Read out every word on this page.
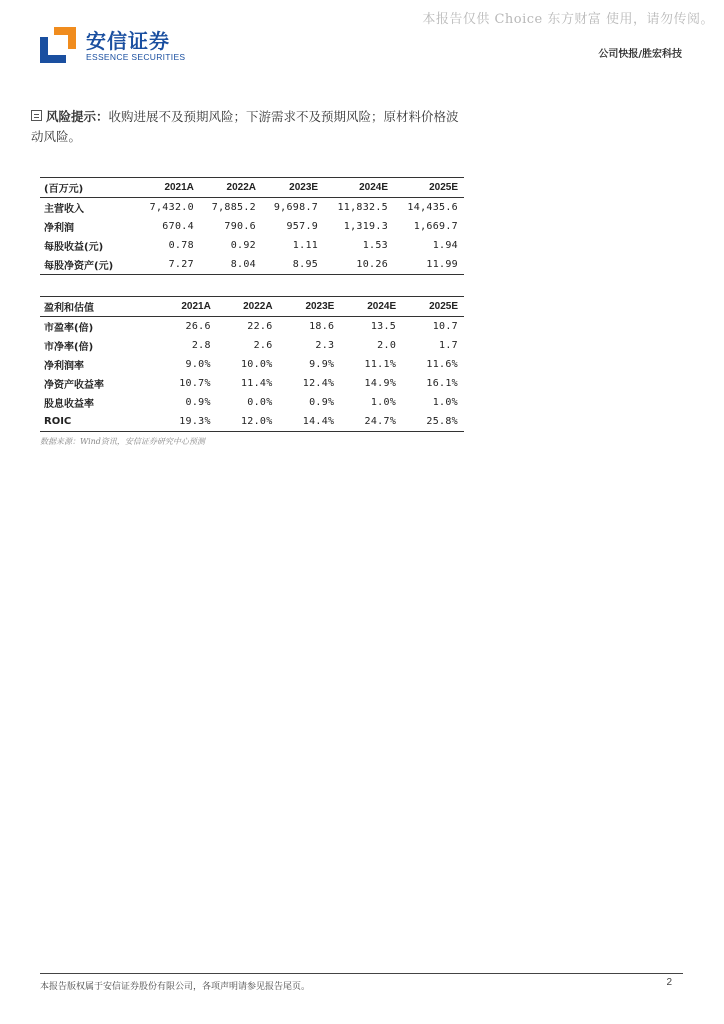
本报告仅供 Choice 东方财富 使用，请勿传阅。
安信证券
ESSENCE SECURITIES	公司快报/胜宏科技
风险提示：收购进展不及预期风险；下游需求不及预期风险；原材料价格波动风险。
(百万元)	2021A	2022A	2023E	2024E	2025E
主营收入	7,432.0	7,885.2	9,698.7	11,832.5	14,435.6
净利润	670.4	790.6	957.9	1,319.3	1,669.7
每股收益(元)	0.78	0.92	1.11	1.53	1.94
每股净资产(元)	7.27	8.04	8.95	10.26	11.99
盈利和估值	2021A	2022A	2023E	2024E	2025E
市盈率(倍)	26.6	22.6	18.6	13.5	10.7
市净率(倍)	2.8	2.6	2.3	2.0	1.7
净利润率	9.0%	10.0%	9.9%	11.1%	11.6%
净资产收益率	10.7%	11.4%	12.4%	14.9%	16.1%
股息收益率	0.9%	0.0%	0.9%	1.0%	1.0%
ROIC	19.3%	12.0%	14.4%	24.7%	25.8%
数据来源：Wind资讯，安信证券研究中心预测
本报告版权属于安信证券股份有限公司，各项声明请参见报告尾页。	2
